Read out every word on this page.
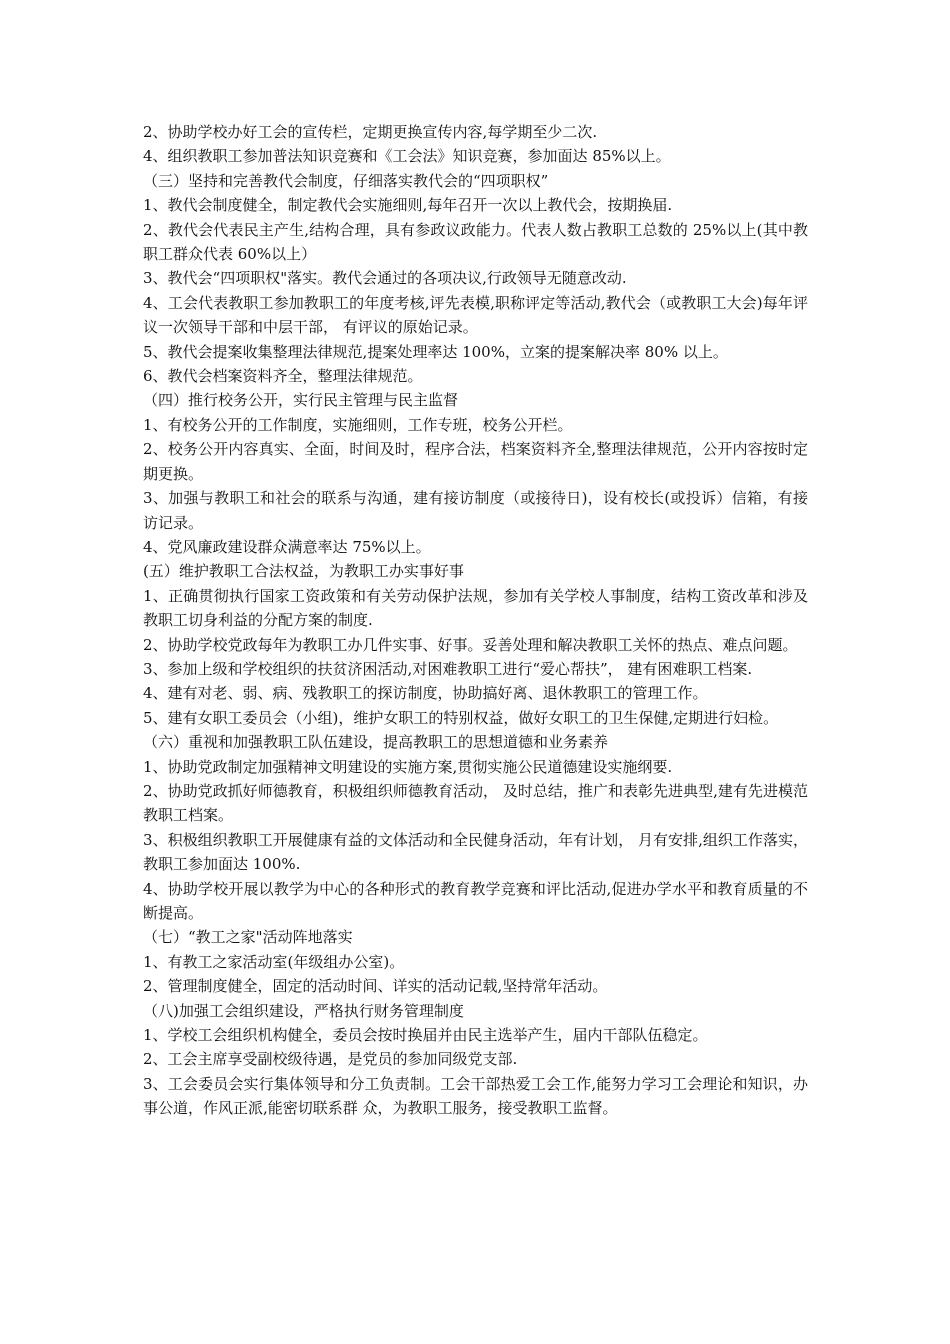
2、协助学校办好工会的宣传栏，定期更换宣传内容,每学期至少二次.

4、组织教职工参加普法知识竞赛和《工会法》知识竞赛，参加面达 85%以上。

（三）坚持和完善教代会制度，仔细落实教代会的“四项职权”

1、教代会制度健全，制定教代会实施细则,每年召开一次以上教代会，按期换届.

2、教代会代表民主产生,结构合理，具有参政议政能力。代表人数占教职工总数的 25%以上(其中教职工群众代表 60%以上）

3、教代会“四项职权"落实。教代会通过的各项决议,行政领导无随意改动.

4、工会代表教职工参加教职工的年度考核,评先表模,职称评定等活动,教代会（或教职工大会)每年评议一次领导干部和中层干部， 有评议的原始记录。

5、教代会提案收集整理法律规范,提案处理率达 100%，立案的提案解决率 80% 以上。

6、教代会档案资料齐全，整理法律规范。

（四）推行校务公开，实行民主管理与民主监督

1、有校务公开的工作制度，实施细则，工作专班，校务公开栏。

2、校务公开内容真实、全面，时间及时，程序合法，档案资料齐全,整理法律规范，公开内容按时定期更换。

3、加强与教职工和社会的联系与沟通，建有接访制度（或接待日)，设有校长(或投诉）信箱，有接访记录。

4、党风廉政建设群众满意率达 75%以上。

(五）维护教职工合法权益，为教职工办实事好事

1、正确贯彻执行国家工资政策和有关劳动保护法规，参加有关学校人事制度，结构工资改革和涉及教职工切身利益的分配方案的制度.

2、协助学校党政每年为教职工办几件实事、好事。妥善处理和解决教职工关怀的热点、难点问题。

3、参加上级和学校组织的扶贫济困活动,对困难教职工进行“爱心帮扶”， 建有困难职工档案.

4、建有对老、弱、病、残教职工的探访制度，协助搞好离、退休教职工的管理工作。

5、建有女职工委员会（小组)，维护女职工的特别权益，做好女职工的卫生保健,定期进行妇检。

（六）重视和加强教职工队伍建设，提高教职工的思想道德和业务素养

1、协助党政制定加强精神文明建设的实施方案,贯彻实施公民道德建设实施纲要.

2、协助党政抓好师德教育，积极组织师德教育活动， 及时总结，推广和表彰先进典型,建有先进模范教职工档案。

3、积极组织教职工开展健康有益的文体活动和全民健身活动，年有计划， 月有安排,组织工作落实，教职工参加面达 100%.

4、协助学校开展以教学为中心的各种形式的教育教学竞赛和评比活动,促进办学水平和教育质量的不断提高。

（七）“教工之家"活动阵地落实

1、有教工之家活动室(年级组办公室)。

2、管理制度健全，固定的活动时间、详实的活动记载,坚持常年活动。

（八)加强工会组织建设，严格执行财务管理制度

1、学校工会组织机构健全，委员会按时换届并由民主选举产生，届内干部队伍稳定。

2、工会主席享受副校级待遇，是党员的参加同级党支部.

3、工会委员会实行集体领导和分工负责制。工会干部热爱工会工作,能努力学习工会理论和知识，办事公道，作风正派,能密切联系群 众，为教职工服务，接受教职工监督。
